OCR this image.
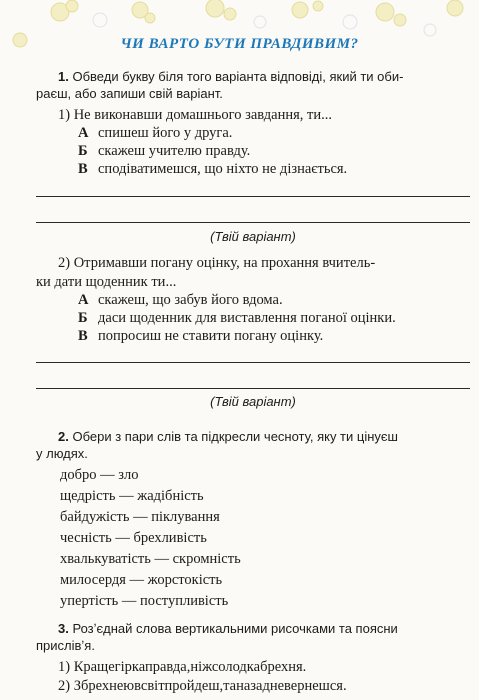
ЧИ ВАРТО БУТИ ПРАВДИВИМ?
1. Обведи букву біля того варіанта відповіді, який ти оби-
раєш, або запиши свій варіант.
1) Не виконавши домашнього завдання, ти...
А спишеш його у друга.
Б скажеш учителю правду.
В сподіватимешся, що ніхто не дізнається.
(Твій варіант)
2) Отримавши погану оцінку, на прохання вчитель-
ки дати щоденник ти...
А скажеш, що забув його вдома.
Б даси щоденник для виставлення поганої оцінки.
В попросиш не ставити погану оцінку.
(Твій варіант)
2. Обери з пари слів та підкресли чесноту, яку ти цінуєш
у людях.
добро — зло
щедрість — жадібність
байдужість — піклування
чесність — брехливість
хвалькуватість — скромність
милосердя — жорстокість
упертість — поступливість
3. Розʼєднай слова вертикальними рисочками та поясни
прислівʼя.
1) Кращегіркаправда,ніжсолодкабрехня.
2) Збрехнеювсвітпройдеш,таназадневернешся.
